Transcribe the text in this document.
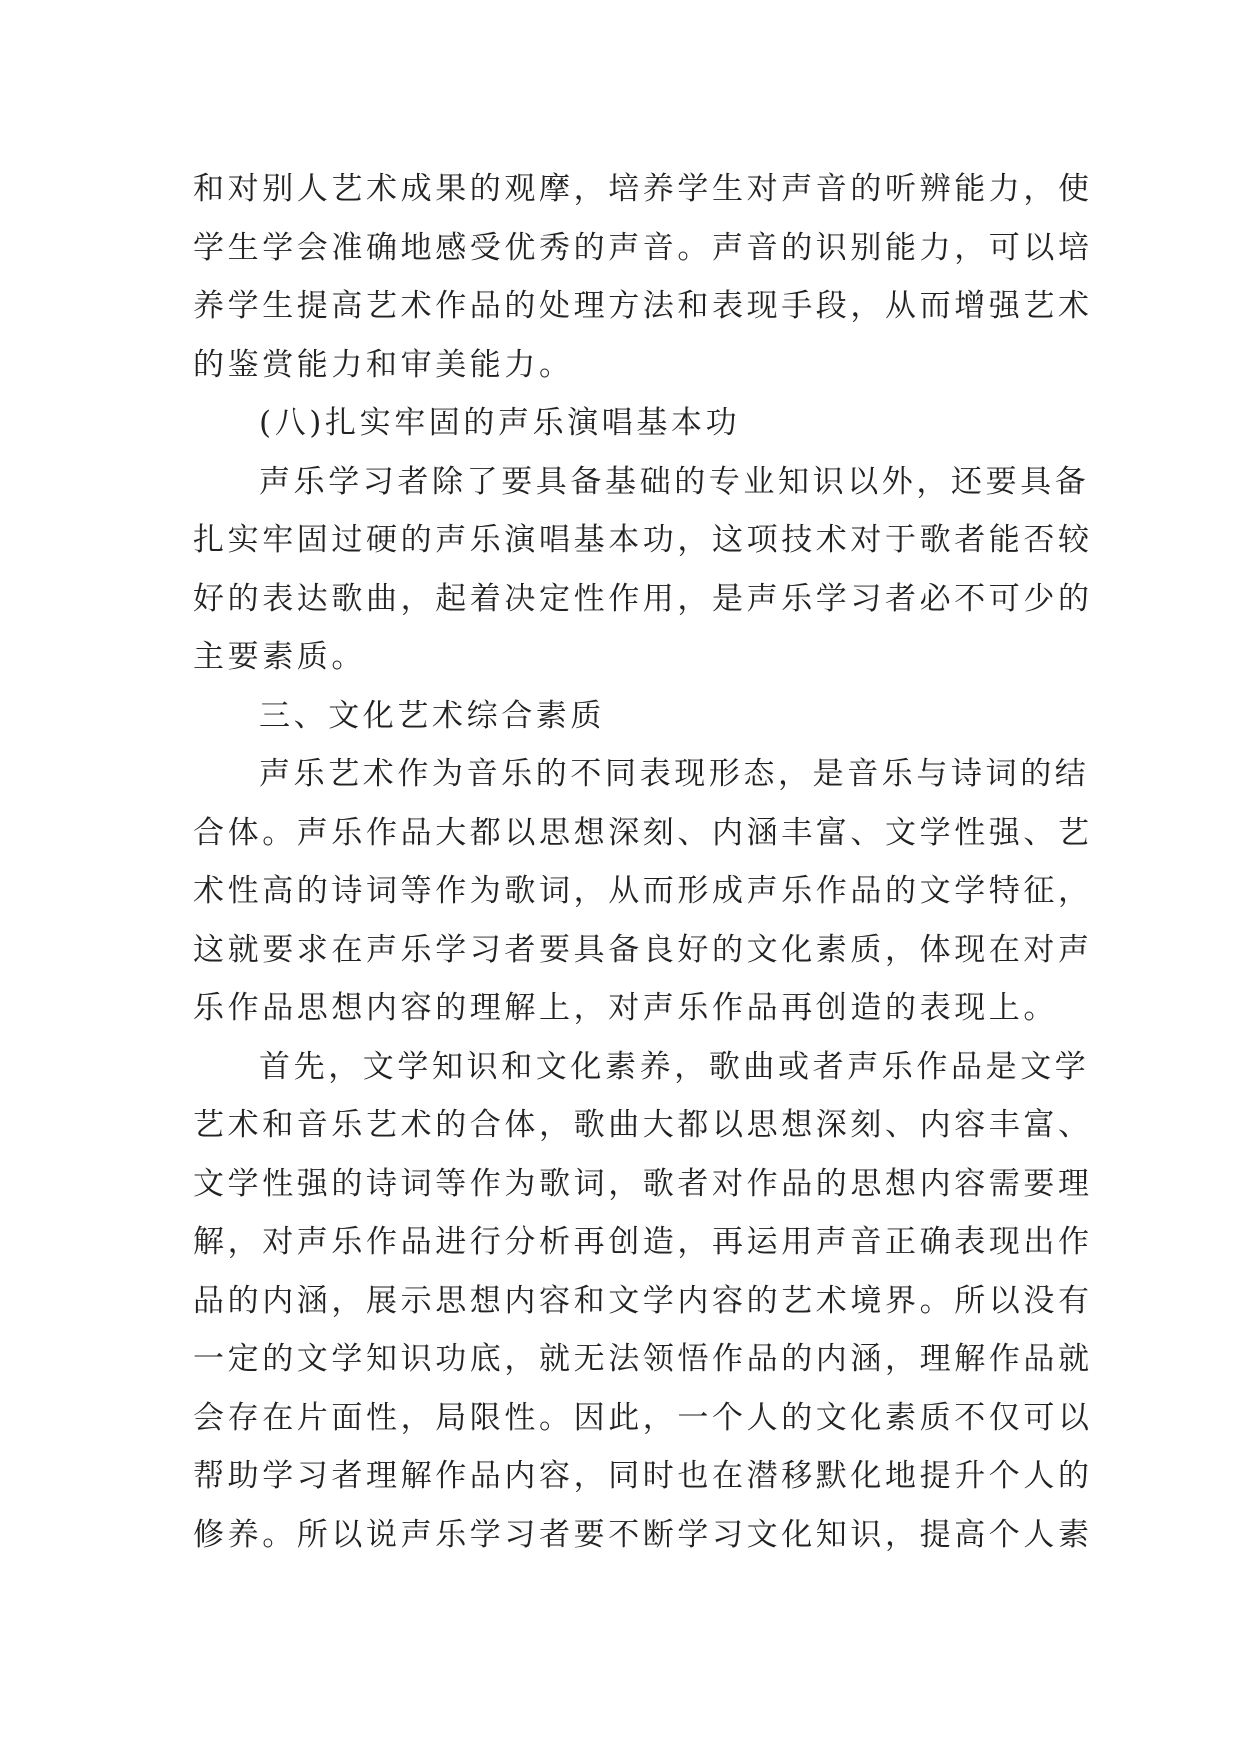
和对别人艺术成果的观摩，培养学生对声音的听辨能力，使
学生学会准确地感受优秀的声音。声音的识别能力，可以培
养学生提高艺术作品的处理方法和表现手段，从而增强艺术
的鉴赏能力和审美能力。
(八)扎实牢固的声乐演唱基本功
声乐学习者除了要具备基础的专业知识以外，还要具备
扎实牢固过硬的声乐演唱基本功，这项技术对于歌者能否较
好的表达歌曲，起着决定性作用，是声乐学习者必不可少的
主要素质。
三、文化艺术综合素质
声乐艺术作为音乐的不同表现形态，是音乐与诗词的结
合体。声乐作品大都以思想深刻、内涵丰富、文学性强、艺
术性高的诗词等作为歌词，从而形成声乐作品的文学特征，
这就要求在声乐学习者要具备良好的文化素质，体现在对声
乐作品思想内容的理解上，对声乐作品再创造的表现上。
首先，文学知识和文化素养，歌曲或者声乐作品是文学
艺术和音乐艺术的合体，歌曲大都以思想深刻、内容丰富、
文学性强的诗词等作为歌词，歌者对作品的思想内容需要理
解，对声乐作品进行分析再创造，再运用声音正确表现出作
品的内涵，展示思想内容和文学内容的艺术境界。所以没有
一定的文学知识功底，就无法领悟作品的内涵，理解作品就
会存在片面性，局限性。因此，一个人的文化素质不仅可以
帮助学习者理解作品内容，同时也在潜移默化地提升个人的
修养。所以说声乐学习者要不断学习文化知识，提高个人素
